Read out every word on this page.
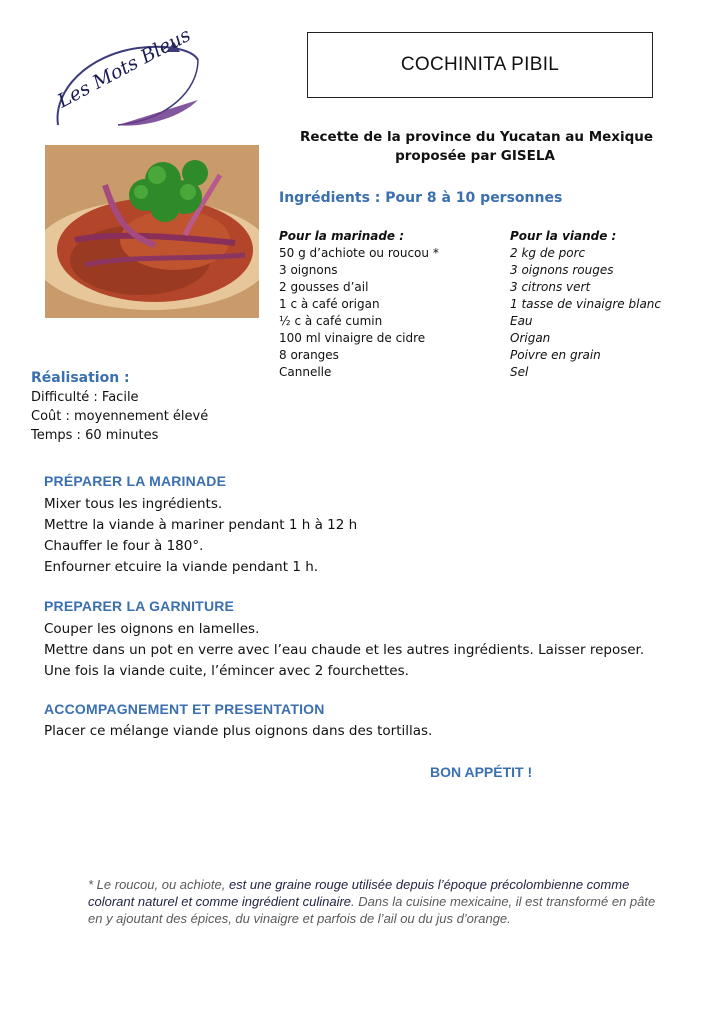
Les Mots Bleus	COCHINITA PIBIL
Recette de la province du Yucatan au Mexique
proposée par GISELA
Ingrédients : Pour 8 à 10 personnes
Pour la marinade :
50 g d’achiote ou roucou *
3 oignons
2 gousses d’ail
1 c à café origan
½ c à café cumin
100 ml vinaigre de cidre
8 oranges
Cannelle
Pour la viande :
2 kg de porc
3 oignons rouges
3 citrons vert
1 tasse de vinaigre blanc
Eau
Origan
Poivre en grain
Sel
Réalisation :
Difficulté : Facile
Coût : moyennement élevé
Temps : 60 minutes
PRÉPARER LA MARINADE
Mixer tous les ingrédients.
Mettre la viande à mariner pendant 1 h à 12 h
Chauffer le four à 180°.
Enfourner etcuire la viande pendant 1 h.
PREPARER LA GARNITURE
Couper les oignons en lamelles.
Mettre dans un pot en verre avec l’eau chaude et les autres ingrédients. Laisser reposer.
Une fois la viande cuite, l’émincer avec 2 fourchettes.
ACCOMPAGNEMENT ET PRESENTATION
Placer ce mélange viande plus oignons dans des tortillas.
BON APPÉTIT !
* Le roucou, ou achiote, est une graine rouge utilisée depuis l’époque précolombienne comme colorant naturel et comme ingrédient culinaire. Dans la cuisine mexicaine, il est transformé en pâte en y ajoutant des épices, du vinaigre et parfois de l’ail ou du jus d’orange.
